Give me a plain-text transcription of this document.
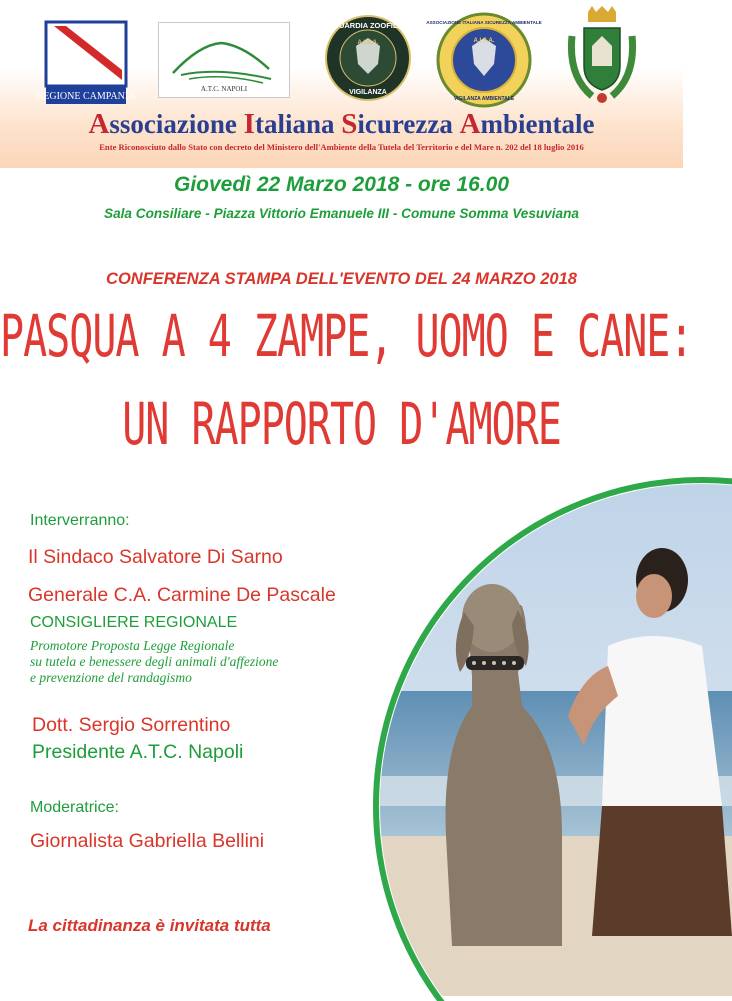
REGIONE CAMPANIA
A.T.C. NAPOLI
GUARDIA ZOOFILA
A.I.S.A.
VIGILANZA
ASSOCIAZIONE ITALIANA SICUREZZA AMBIENTALE
A.I.S.A.
VIGILANZA AMBIENTALE
Associazione Italiana Sicurezza Ambientale
Ente Riconosciuto dallo Stato con decreto del Ministero dell'Ambiente della Tutela del Territorio e del Mare n. 202 del 18 luglio 2016
Giovedì 22 Marzo 2018 - ore 16.00
Sala Consiliare - Piazza Vittorio Emanuele III - Comune Somma Vesuviana
CONFERENZA STAMPA DELL'EVENTO DEL 24 MARZO 2018
PASQUA A 4 ZAMPE, UOMO E CANE:
UN RAPPORTO D'AMORE
Interverranno:
Il Sindaco Salvatore Di Sarno
Generale C.A. Carmine De Pascale
CONSIGLIERE REGIONALE
Promotore Proposta Legge Regionale
su tutela e benessere degli animali d'affezione
e prevenzione del randagismo
Dott. Sergio Sorrentino
Presidente A.T.C. Napoli
Moderatrice:
Giornalista Gabriella Bellini
La cittadinanza è invitata tutta
